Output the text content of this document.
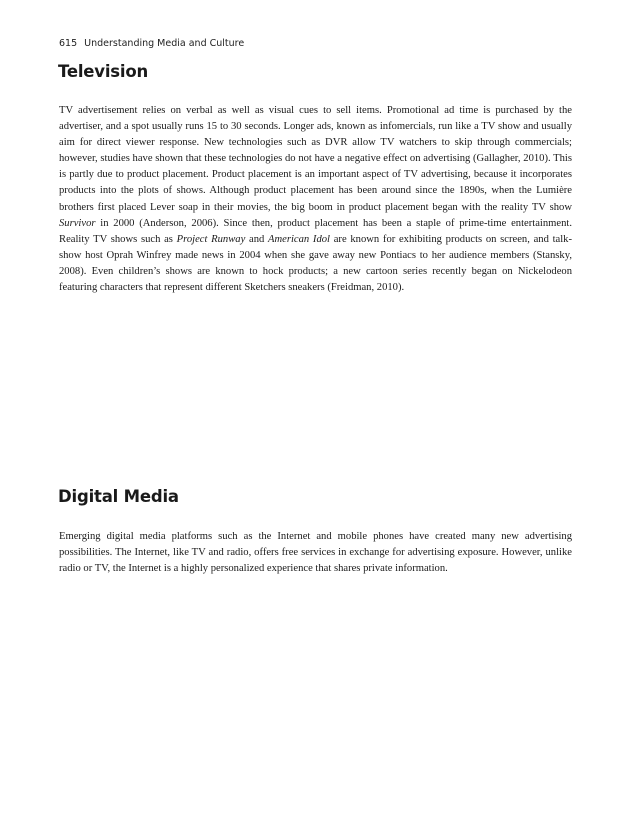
615 Understanding Media and Culture
Television

TV advertisement relies on verbal as well as visual cues to sell items. Promotional ad time is purchased by the advertiser, and a spot usually runs 15 to 30 seconds. Longer ads, known as infomercials, run like a TV show and usually aim for direct viewer response. New technologies such as DVR allow TV watchers to skip through commercials; however, studies have shown that these technologies do not have a negative effect on advertising (Gallagher, 2010). This is partly due to product placement. Product placement is an important aspect of TV advertising, because it incorporates products into the plots of shows. Although product placement has been around since the 1890s, when the Lumière brothers first placed Lever soap in their movies, the big boom in product placement began with the reality TV show Survivor in 2000 (Anderson, 2006). Since then, product placement has been a staple of prime-time entertainment. Reality TV shows such as Project Runway and American Idol are known for exhibiting products on screen, and talk-show host Oprah Winfrey made news in 2004 when she gave away new Pontiacs to her audience members (Stansky, 2008). Even children’s shows are known to hock products; a new cartoon series recently began on Nickelodeon featuring characters that represent different Sketchers sneakers (Freidman, 2010).

Digital Media

Emerging digital media platforms such as the Internet and mobile phones have created many new advertising possibilities. The Internet, like TV and radio, offers free services in exchange for advertising exposure. However, unlike radio or TV, the Internet is a highly personalized experience that shares private information.
